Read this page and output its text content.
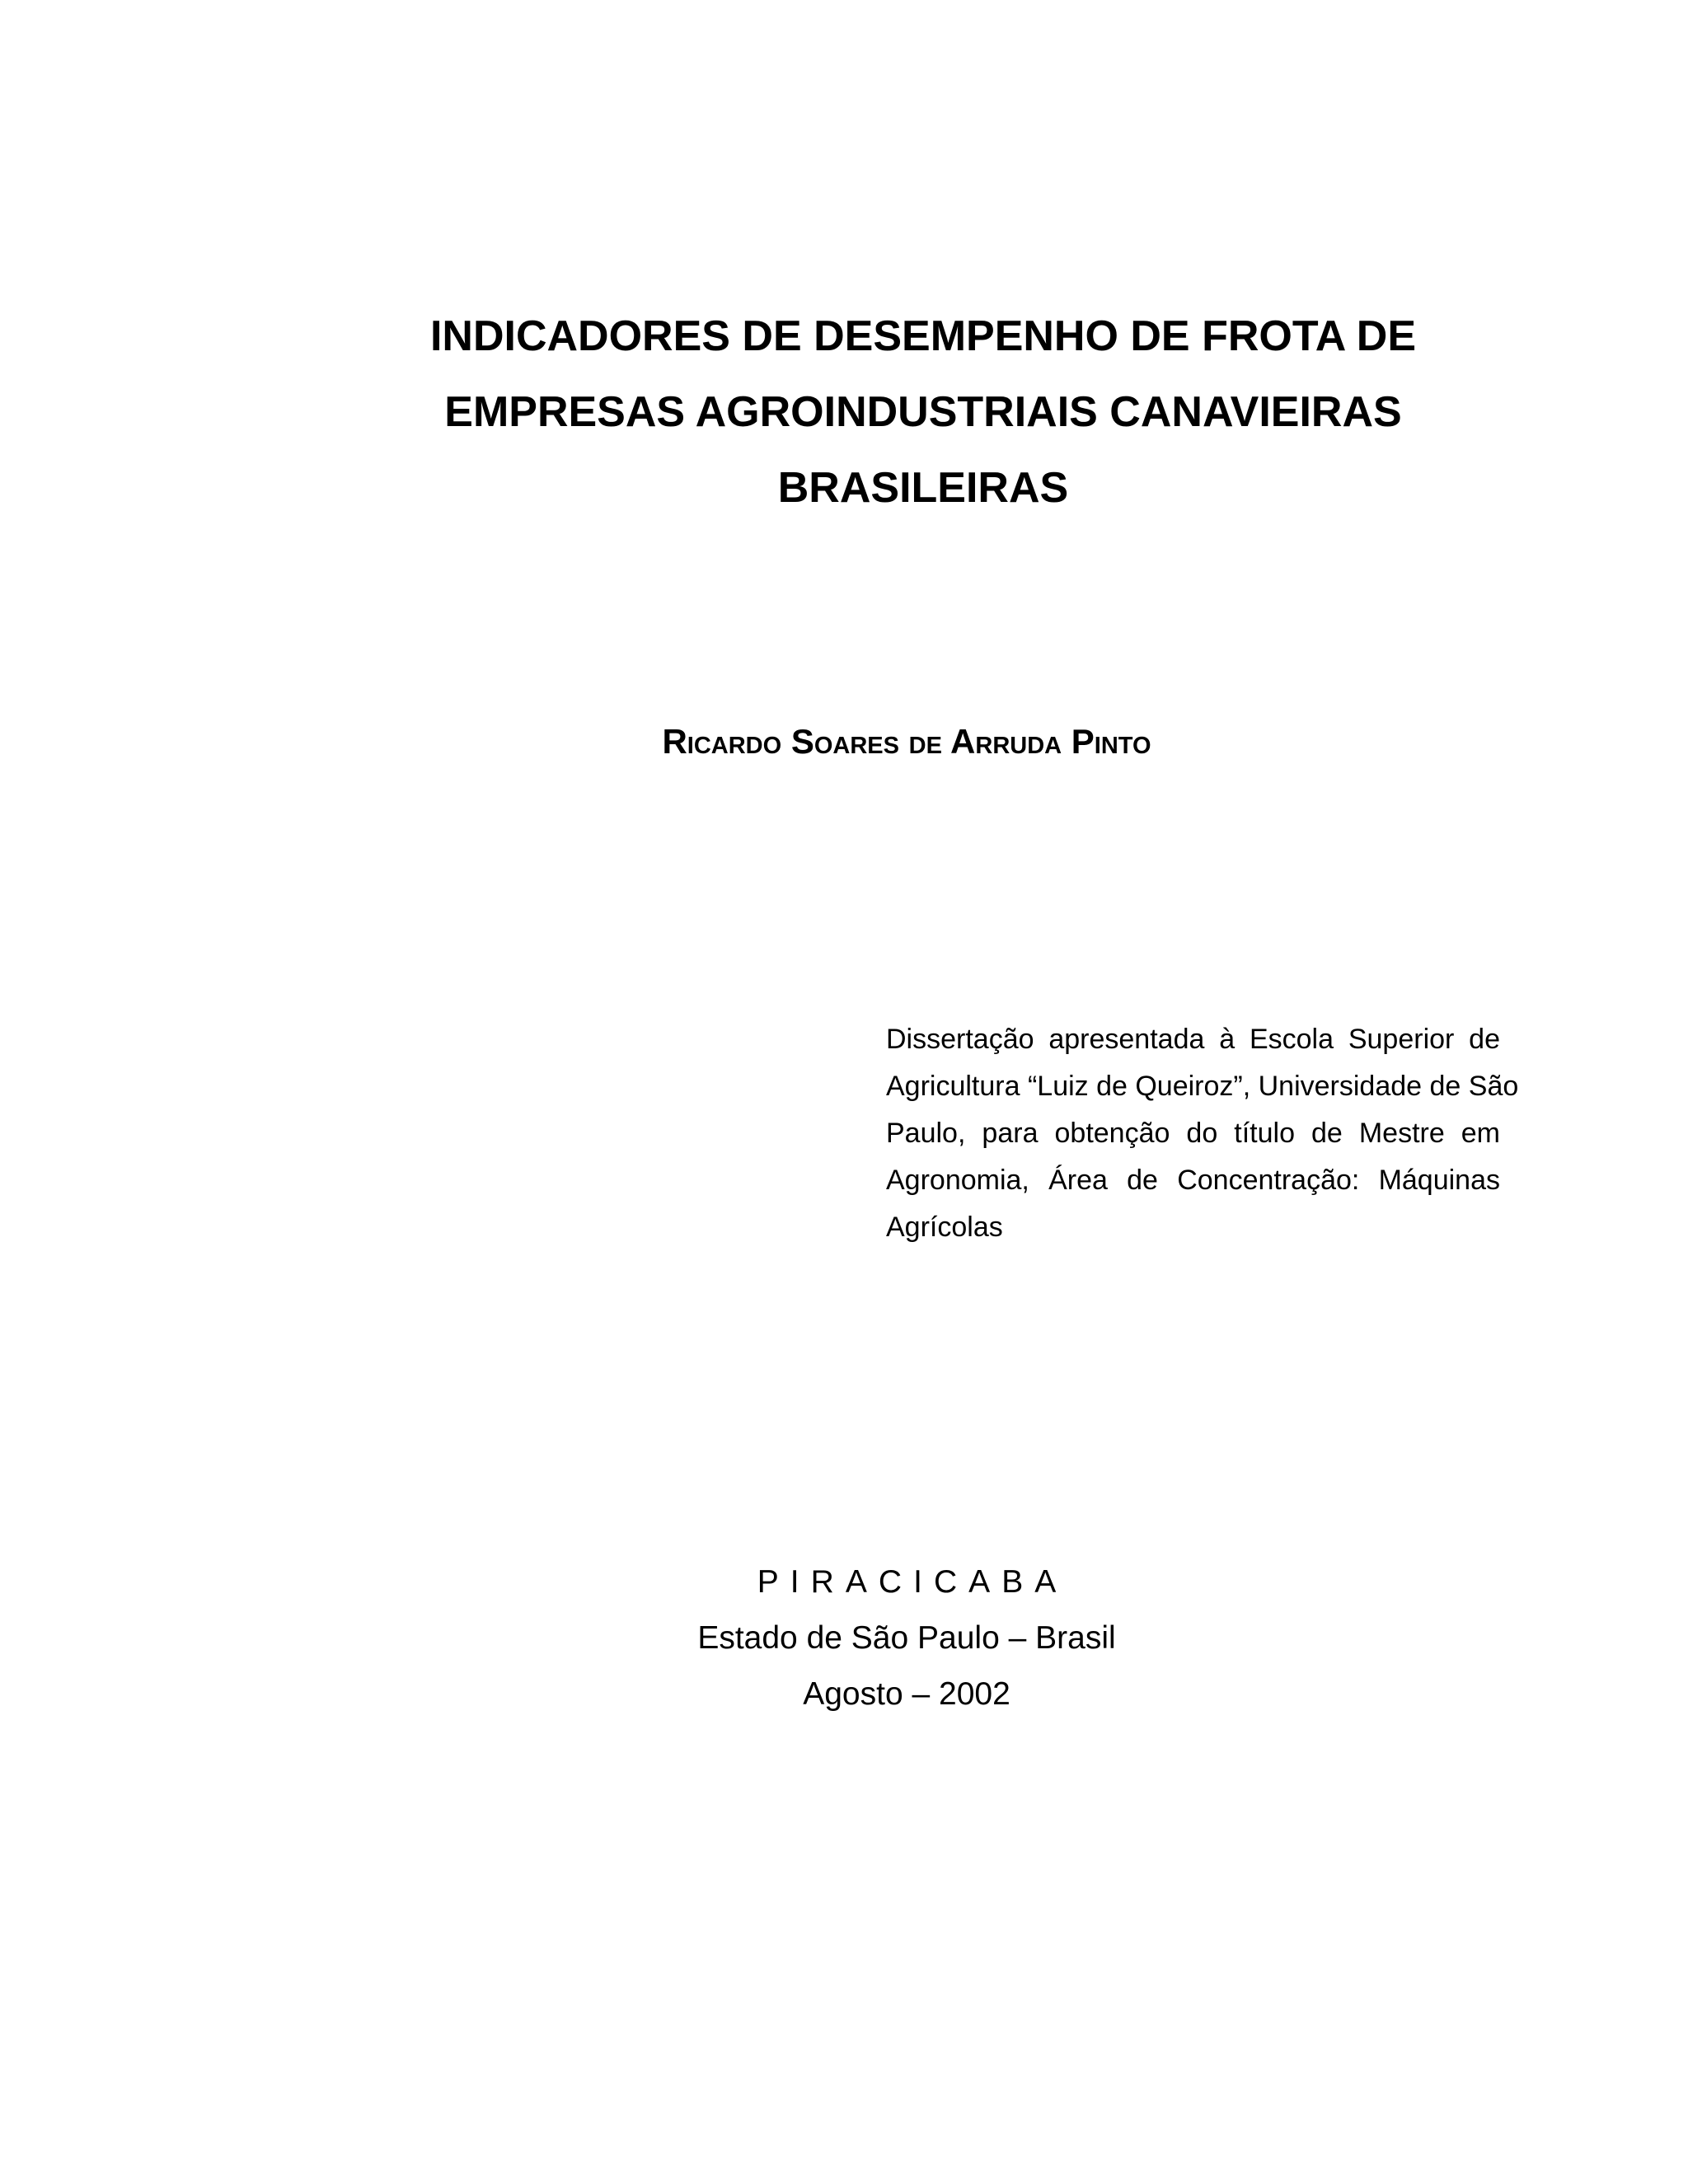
INDICADORES DE DESEMPENHO DE FROTA DE
EMPRESAS AGROINDUSTRIAIS CANAVIEIRAS
BRASILEIRAS
Ricardo Soares de Arruda Pinto
Dissertação apresentada à Escola Superior de
Agricultura “Luiz de Queiroz”, Universidade de São
Paulo, para obtenção do título de Mestre em
Agronomia, Área de Concentração: Máquinas
Agrícolas
PIRACICABA
Estado de São Paulo – Brasil
Agosto – 2002
